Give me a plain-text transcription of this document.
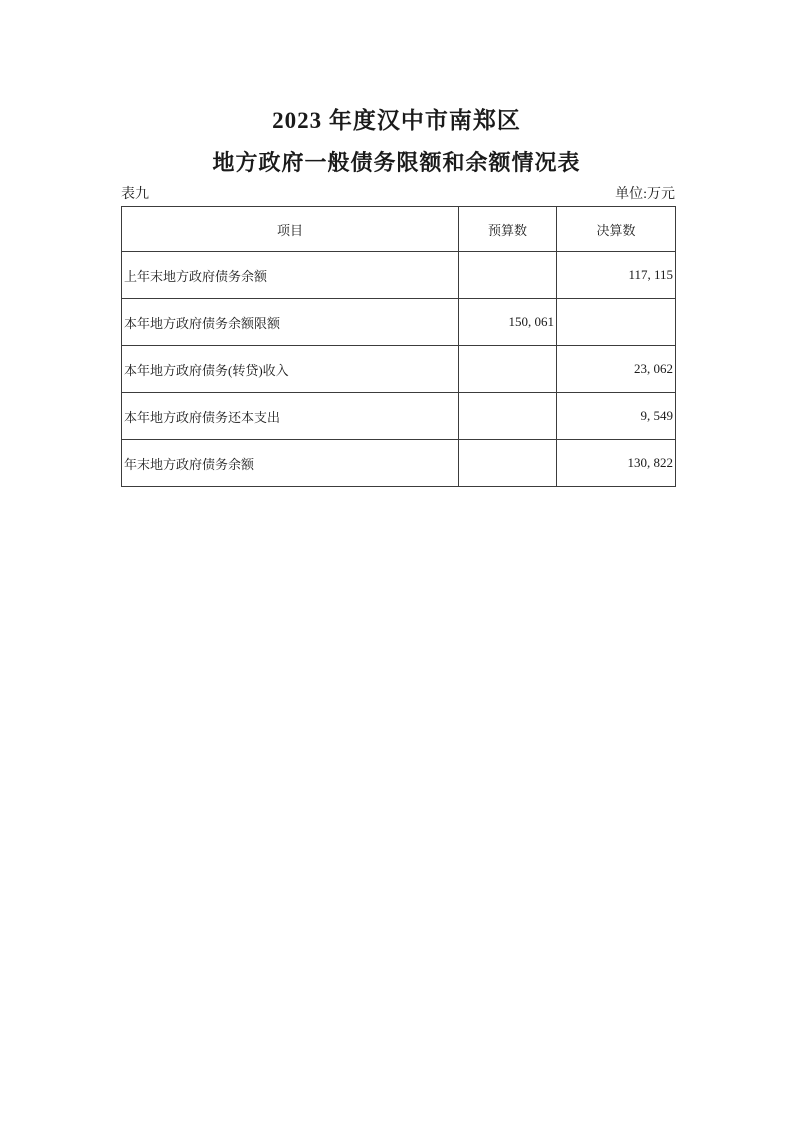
2023 年度汉中市南郑区
地方政府一般债务限额和余额情况表
表九	单位:万元
项目	预算数	决算数
上年末地方政府债务余额		117, 115
本年地方政府债务余额限额	150, 061	
本年地方政府债务(转贷)收入		23, 062
本年地方政府债务还本支出		9, 549
年末地方政府债务余额		130, 822
